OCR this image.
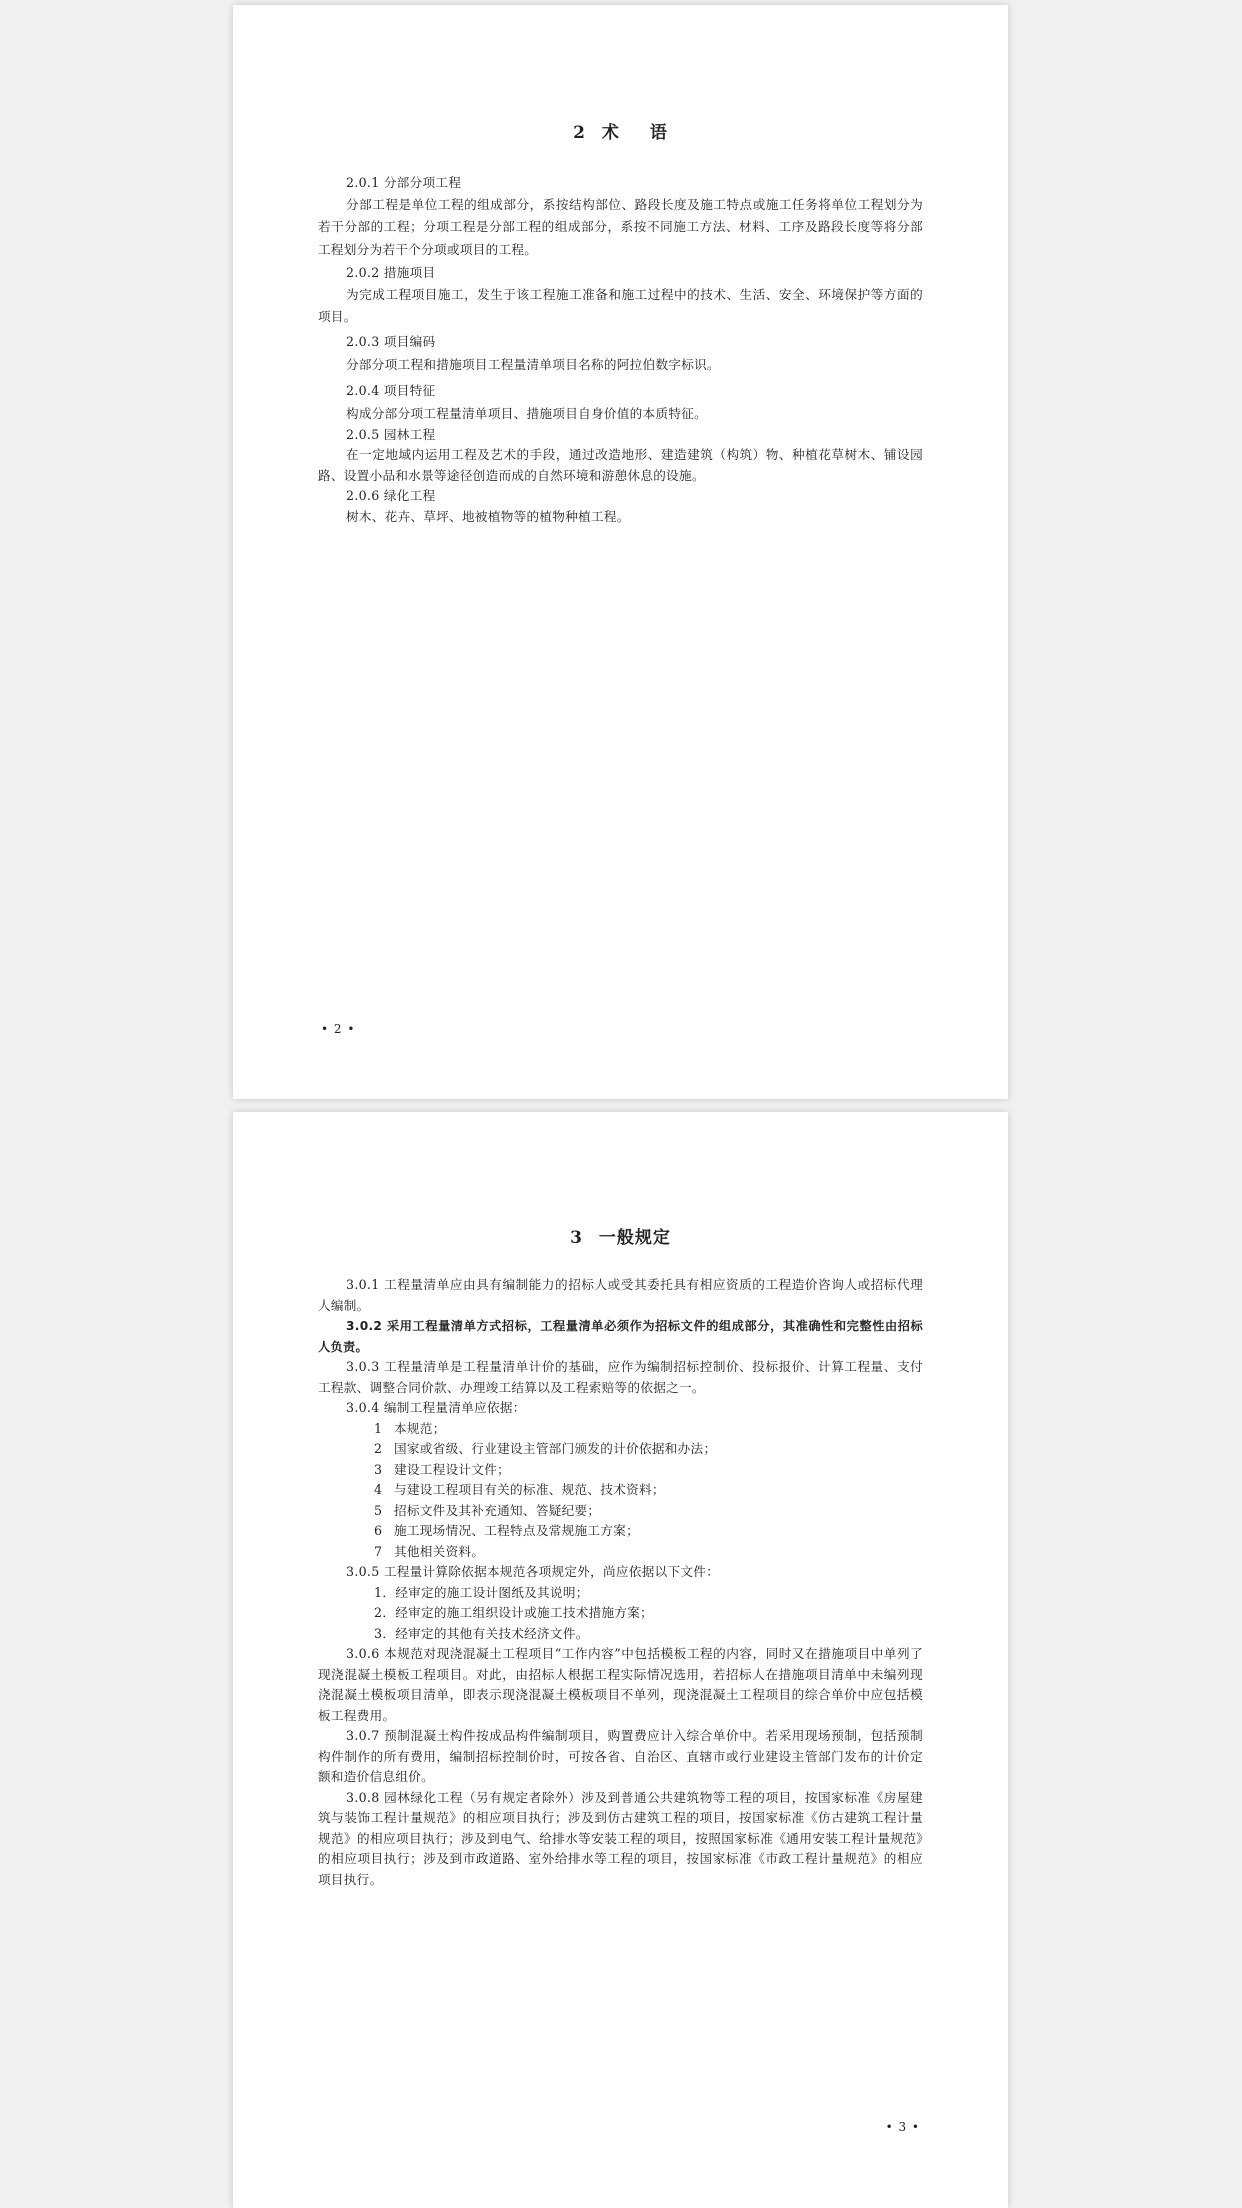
2 术 语

2.0.1 分部分项工程

分部工程是单位工程的组成部分，系按结构部位、路段长度及施工特点或施工任务将单位工程划分为若干分部的工程；分项工程是分部工程的组成部分，系按不同施工方法、材料、工序及路段长度等将分部工程划分为若干个分项或项目的工程。

2.0.2 措施项目

为完成工程项目施工，发生于该工程施工准备和施工过程中的技术、生活、安全、环境保护等方面的项目。

2.0.3 项目编码

分部分项工程和措施项目工程量清单项目名称的阿拉伯数字标识。

2.0.4 项目特征

构成分部分项工程量清单项目、措施项目自身价值的本质特征。

2.0.5 园林工程

在一定地域内运用工程及艺术的手段，通过改造地形、建造建筑（构筑）物、种植花草树木、铺设园路、设置小品和水景等途径创造而成的自然环境和游憩休息的设施。

2.0.6 绿化工程

树木、花卉、草坪、地被植物等的植物种植工程。

• 2 •
3 一般规定

3.0.1 工程量清单应由具有编制能力的招标人或受其委托具有相应资质的工程造价咨询人或招标代理人编制。

3.0.2 采用工程量清单方式招标，工程量清单必须作为招标文件的组成部分，其准确性和完整性由招标人负责。

3.0.3 工程量清单是工程量清单计价的基础，应作为编制招标控制价、投标报价、计算工程量、支付工程款、调整合同价款、办理竣工结算以及工程索赔等的依据之一。

3.0.4 编制工程量清单应依据：

1 本规范；

2 国家或省级、行业建设主管部门颁发的计价依据和办法；

3 建设工程设计文件；

4 与建设工程项目有关的标准、规范、技术资料；

5 招标文件及其补充通知、答疑纪要；

6 施工现场情况、工程特点及常规施工方案；

7 其他相关资料。

3.0.5 工程量计算除依据本规范各项规定外，尚应依据以下文件：

1．经审定的施工设计图纸及其说明；

2．经审定的施工组织设计或施工技术措施方案；

3．经审定的其他有关技术经济文件。

3.0.6 本规范对现浇混凝土工程项目“工作内容”中包括模板工程的内容，同时又在措施项目中单列了现浇混凝土模板工程项目。对此，由招标人根据工程实际情况选用，若招标人在措施项目清单中未编列现浇混凝土模板项目清单，即表示现浇混凝土模板项目不单列，现浇混凝土工程项目的综合单价中应包括模板工程费用。

3.0.7 预制混凝土构件按成品构件编制项目，购置费应计入综合单价中。若采用现场预制，包括预制构件制作的所有费用，编制招标控制价时，可按各省、自治区、直辖市或行业建设主管部门发布的计价定额和造价信息组价。

3.0.8 园林绿化工程（另有规定者除外）涉及到普通公共建筑物等工程的项目，按国家标准《房屋建筑与装饰工程计量规范》的相应项目执行；涉及到仿古建筑工程的项目，按国家标准《仿古建筑工程计量规范》的相应项目执行；涉及到电气、给排水等安装工程的项目，按照国家标准《通用安装工程计量规范》的相应项目执行；涉及到市政道路、室外给排水等工程的项目，按国家标准《市政工程计量规范》的相应项目执行。

• 3 •
